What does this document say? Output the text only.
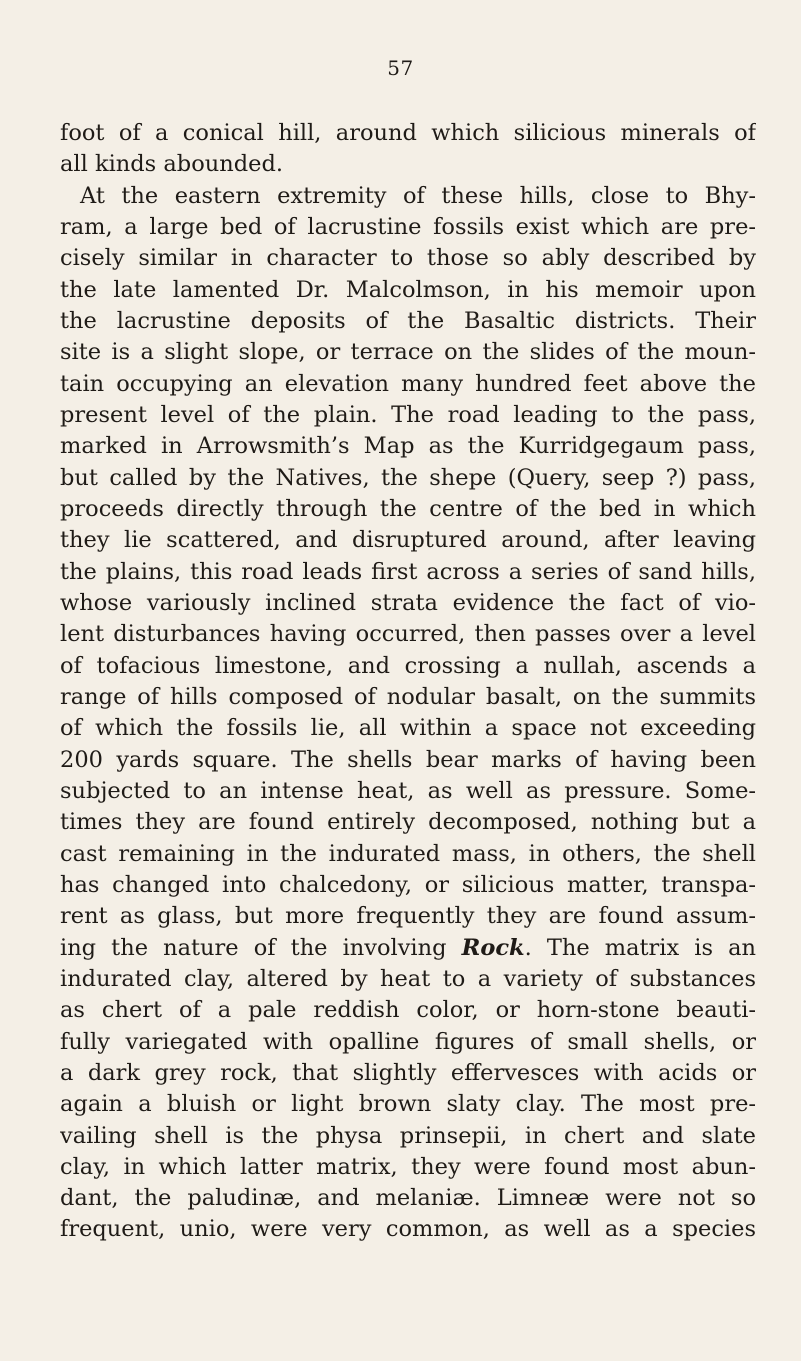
57
foot of a conical hill, around which silicious minerals of
all kinds abounded.
At the eastern extremity of these hills, close to Bhy-
ram, a large bed of lacrustine fossils exist which are pre-
cisely similar in character to those so ably described by
the late lamented Dr. Malcolmson, in his memoir upon
the lacrustine deposits of the Basaltic districts. Their
site is a slight slope, or terrace on the slides of the moun-
tain occupying an elevation many hundred feet above the
present level of the plain. The road leading to the pass,
marked in Arrowsmith’s Map as the Kurridgegaum pass,
but called by the Natives, the shepe (Query, seep ?) pass,
proceeds directly through the centre of the bed in which
they lie scattered, and disruptured around, after leaving
the plains, this road leads first across a series of sand hills,
whose variously inclined strata evidence the fact of vio-
lent disturbances having occurred, then passes over a level
of tofacious limestone, and crossing a nullah, ascends a
range of hills composed of nodular basalt, on the summits
of which the fossils lie, all within a space not exceeding
200 yards square. The shells bear marks of having been
subjected to an intense heat, as well as pressure. Some-
times they are found entirely decomposed, nothing but a
cast remaining in the indurated mass, in others, the shell
has changed into chalcedony, or silicious matter, transpa-
rent as glass, but more frequently they are found assum-
ing the nature of the involving Rock. The matrix is an
indurated clay, altered by heat to a variety of substances
as chert of a pale reddish color, or horn-stone beauti-
fully variegated with opalline figures of small shells, or
a dark grey rock, that slightly effervesces with acids or
again a bluish or light brown slaty clay. The most pre-
vailing shell is the physa prinsepii, in chert and slate
clay, in which latter matrix, they were found most abun-
dant, the paludinæ, and melaniæ. Limneæ were not so
frequent, unio, were very common, as well as a species
